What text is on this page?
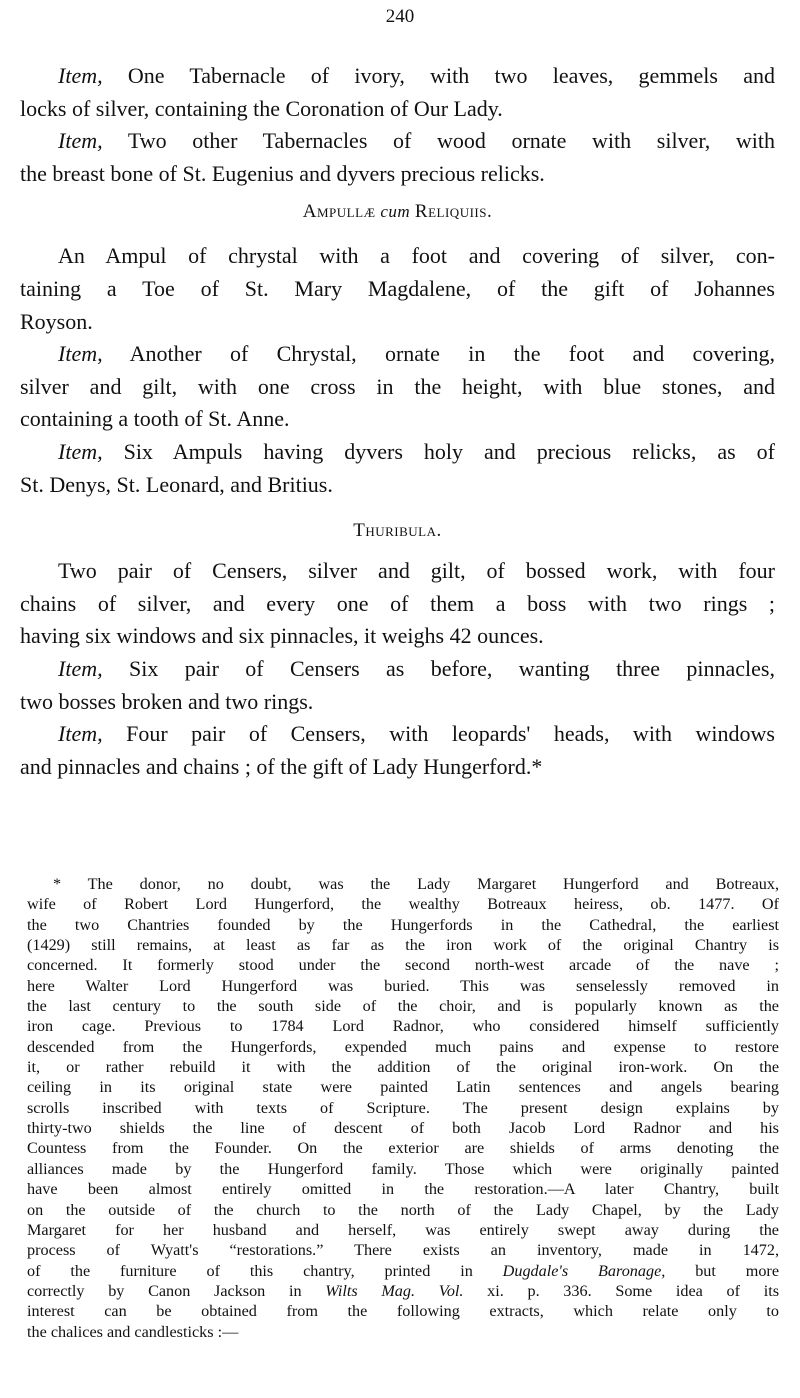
240
Item, One Tabernacle of ivory, with two leaves, gemmels and
locks of silver, containing the Coronation of Our Lady.
Item, Two other Tabernacles of wood ornate with silver, with
the breast bone of St. Eugenius and dyvers precious relicks.
Ampullæ cum Reliquiis.
An Ampul of chrystal with a foot and covering of silver, con-
taining a Toe of St. Mary Magdalene, of the gift of Johannes
Royson.
Item, Another of Chrystal, ornate in the foot and covering,
silver and gilt, with one cross in the height, with blue stones, and
containing a tooth of St. Anne.
Item, Six Ampuls having dyvers holy and precious relicks, as of
St. Denys, St. Leonard, and Britius.
Thuribula.
Two pair of Censers, silver and gilt, of bossed work, with four
chains of silver, and every one of them a boss with two rings ;
having six windows and six pinnacles, it weighs 42 ounces.
Item, Six pair of Censers as before, wanting three pinnacles,
two bosses broken and two rings.
Item, Four pair of Censers, with leopards' heads, with windows
and pinnacles and chains ; of the gift of Lady Hungerford.*
* The donor, no doubt, was the Lady Margaret Hungerford and Botreaux,
wife of Robert Lord Hungerford, the wealthy Botreaux heiress, ob. 1477. Of
the two Chantries founded by the Hungerfords in the Cathedral, the earliest
(1429) still remains, at least as far as the iron work of the original Chantry is
concerned. It formerly stood under the second north-west arcade of the nave ;
here Walter Lord Hungerford was buried. This was senselessly removed in
the last century to the south side of the choir, and is popularly known as the
iron cage. Previous to 1784 Lord Radnor, who considered himself sufficiently
descended from the Hungerfords, expended much pains and expense to restore
it, or rather rebuild it with the addition of the original iron-work. On the
ceiling in its original state were painted Latin sentences and angels bearing
scrolls inscribed with texts of Scripture. The present design explains by
thirty-two shields the line of descent of both Jacob Lord Radnor and his
Countess from the Founder. On the exterior are shields of arms denoting the
alliances made by the Hungerford family. Those which were originally painted
have been almost entirely omitted in the restoration.—A later Chantry, built
on the outside of the church to the north of the Lady Chapel, by the Lady
Margaret for her husband and herself, was entirely swept away during the
process of Wyatt's “restorations.” There exists an inventory, made in 1472,
of the furniture of this chantry, printed in Dugdale's Baronage, but more
correctly by Canon Jackson in Wilts Mag. Vol. xi. p. 336. Some idea of its
interest can be obtained from the following extracts, which relate only to
the chalices and candlesticks :—
